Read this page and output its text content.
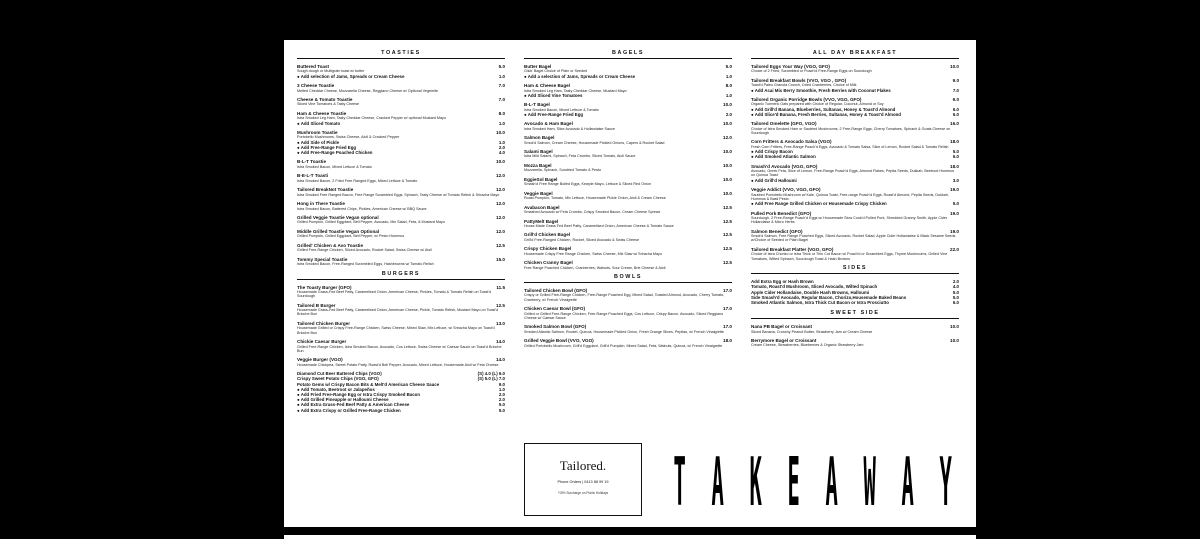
TOASTIES
Buttered Toast	5.0
Sough dough or Multigrain toast w/ butter
● Add selection of Jams, Spreads or Cream Cheese	1.0
3 Cheese Toastie	7.0
Melted Cheddar Cheese, Mozzarella Cheese, Reggiano Cheese w/ Optional Vegemite
Cheese & Tomato Toastie	7.0
Sliced Vine Tomatoes & Tasty Cheese
Ham & Cheese Toastie	8.0
Istra Smoked Leg Ham, Tasty Cheddar Cheese, Cracked Pepper w/ optional Mustard Mayo
● Add Sliced Tomato	1.0
Mushroom Toastie	10.0
Portobello Mushrooms, Swiss Cheese, Aioli & Cracked Pepper
● Add Side of Pickle	1.0
● Add Free-Range Fried Egg	2.0
● Add Free-Range Poached Chicken	4.0
B-L-T Toastie	10.0
Istra Smoked Bacon, Mixed Lettuce & Tomato
B-E-L-T Toasti	12.0
Istra Smoked Bacon, 2 Fried Free Ranged Eggs, Mixed Lettuce & Tomato
Tailored BreakNot Toastie	12.0
Istra Smoked Free Ranged Bacon, Free Range Scrambled Eggs, Spinach, Tasty Cheese w/ Tomato Relish & Sriracha Mayo
Hong in There Toastie	12.0
Istra Smoked Bacon, Battered Chips, Pickles, American Cheese w/ BBQ Sauce
Grilled Veggie Toastie Vegan optional	12.0
Grilled Pumpkin, Grilled Eggplant, Bell Pepper, Avocado, Mix Salad, Feta, & Mustard Mayo
Middle Grilled Toastie Vegan Optional	12.0
Grilled Pumpkin, Grilled Eggplant, Bell Pepper, w/ Pesto Hummus
Grilled' Chicken & Avo Toastie	12.5
Grilled Free-Range Chicken, Sliced Avocado, Rocket Salad, Swiss Cheese w/ Aioli
Tommy Special Toastie	15.0
Istra Smoked Bacon, Free-Ranged Scrambled Eggs, Hashbrowns w/ Tomato Relish
BURGERS
The Toasty Burger (GFO)	11.5
Housemade Grass-Fed Beef Patty, Caramelised Onion, American Cheese, Pickles, Tomato & Tomato Relish on Toast'd Sourdough
Tailored B Burger	12.5
Housemade Grass-Fed Beef Patty, Caramelised Onion, American Cheese, Pickle, Tomato Relish, Mustard Mayo on Toast'd Brioche Bun
Tailored Chicken Burger	13.0
Housemade Grilled or Crispy Free-Range Chicken, Swiss Cheese, Mixed Slaw, Mix Lettuce, w/ Sriracha Mayo on Toast'd Brioche Bun
Chickie Caesar Burger	14.0
Grilled Free-Range Chicken, Istra Smoked Bacon, Avocado, Cos Lettuce, Swiss Cheese w/ Caesar Sauce on Toast'd Brioche Bun
Veggie Burger (VGO)	14.0
Housemade Chickpea, Sweet Potato Patty, Roast'd Bell Pepper, Avocado, Mixed Lettuce, Housemade Aioli w/ Feta Cheese
Diamond Cut Beer Battered Chips (VGO)	(S) 4.0 (L) 6.0
Crispy Sweet Potato Chips (VGO, GFO)	(S) 5.0 (L) 7.0
Potato Gems w/ Crispy Bacon Bits & Melt'd American Cheese Sauce	9.0
● Add Tomato, Beetroot or Jalapeños	1.0
● Add Fried Free-Range Egg or Istra Crispy Smoked Bacon	2.0
● Add Grilled Pineapple or Halloumi Cheese	2.0
● Add Extra Grass-Fed Beef Patty & American Cheese	5.0
● Add Extra Crispy or Grilled Free-Range Chicken	5.0
BAGELS
Butter Bagel	5.0
Glick' Bagel Choice of Plain or Seeded
● Add a selection of Jams, Spreads or Cream Cheese	1.0
Ham & Cheese Bagel	8.0
Istra Smoked Leg Ham, Tasty Cheddar Cheese, Mustard Mayo
● Add Sliced Vine Tomatoes	1.0
B-L-T Bagel	10.0
Istra Smoked Bacon, Mixed Lettuce & Tomato
● Add Free-Range Fried Egg	2.0
Avocado & Ham Bagel	10.0
Istra Smoked Ham, Slice Avocado & Hollandaise Sauce
Salmon Bagel	12.0
Smok'd Salmon, Cream Cheese, Housemade Pickled Onions, Capers & Rocket Salad
Salami Bagel	10.0
Istra Mild Salami, Spinach, Feta Crumbs, Sliced Tomato, Aioli Sauce
Mozza Bagel	10.0
Mozzarella, Spinach, Sundried Tomato & Pesto
EggieSol Bagel	10.0
Smash'd Free Range Boiled Eggs, Kewpie Mayo, Lettuce & Sliced Red Onion
Veggie Bagel	10.0
Roast Pumpkin, Tomato, Mix Lettuce, Housemade Pickle Onion, Aioli & Cream Cheese
Avabacon Bagel	12.5
Smashed Avocado w/ Feta Crumbs, Crispy Smoked Bacon, Cream Cheese Spread
PattyMelt Bagel	12.5
House Made Grass Fed Beef Patty, Caramelised Onion, American Cheese & Tomato Sauce
Grill'd Chicken Bagel	12.5
Grill'd Free-Ranged Chicken, Rocket, Sliced Avocado & Swiss Cheese
Crispy Chicken Bagel	12.5
Housemade Crispy Free Range Chicken, Swiss Cheese, Mix Slaw w/ Sriracha Mayo
Chicken Cranny Bagel	12.5
Free Range Poached Chicken, Cranberries, Walnuts, Sour Cream, Brie Cheese & Aioli
BOWLS
Tailored Chicken Bowl (GFO)	17.0
Crispy or Grilled Free-Range Chicken, Free-Range Poached Egg, Mixed Salad, Toasted Almond, Avocado, Cherry Tomato, Cranberry, w/ French Vinaigrette
Chicken Caesar Bowl (GFO)	17.0
Grilled or Grilled Free-Range Chicken, Free-Range Poached Eggs, Cos Lettuce, Crispy Bacon, Avocado, Sliced Reggiano Cheese w/ Caesar Sauce
Smoked Salmon Bowl (GFO)	17.0
Smoked Atlantic Salmon, Rocket, Quinoa, Housemade Pickled Onion, Fresh Orange Slices, Pepitas, w/ French Vinaigrette
Grilled Veggie Bowl (VVO, VGO)	18.0
Grilled Portobello Mushroom, Grill'd Eggplant, Grill'd Pumpkin, Mixed Salad, Feta, Walnuts, Quinoa, w/ French Vinaigrette
ALL DAY BREAKFAST
Tailored Eggs Your Way (VGO, GFO)	10.0
Choice of 2 Fried, Scrambled or Poach'd Free-Range Eggs on Sourdough
Tailored Breakfast Bowls (VVO, VGO , GFO)	9.0
Toast'd Paleo Granola Crunch, Dried Cranberries, Choice of Milk
● Add Acai Mix Berry Smoothie, Fresh Berries with Coconut Flakes	7.0
Tailored Organic Porridge Bowls (VVO, VGO, GFO)	9.0
Organic Turmeric Oats prepared with Choice of Regular, Coconut, Almond or Soy
● Add Grill'd Banana, Blueberries, Sultanas, Honey & Toast'd Almond	6.0
● Add Slice'd Banana, Fresh Berries, Sultanas, Honey & Toast'd Almond	6.0
Tailored Omelette (GFO, VGO)	16.0
Choice of Istra Smoked Ham or Sautéed Mushrooms, 2 Free-Range Eggs, Cherry Tomatoes, Spinach & Goats Cheese on Sourdough
Corn Fritters & Avocado Salsa (VGO)	18.0
Fresh Corn Fritters, Free-Range Poach'd Eggs, Avocado & Tomato Salsa, Slice of Lemon, Rocket Salad & Tomato Relish
● Add Crispy Bacon	5.0
● Add Smoked Atlantic Salmon	6.0
Smash'd Avocado (VGO, GFO)	18.0
Avocado, Greek Feta, Slice of Lemon, Free-Range Poach'd Eggs, Almond Flakes, Pepita Seeds, Dukkah, Beetroot Hummus on Quinoa Toast
● Add Grill'd Halloumi	3.0
Veggie Addict (VVO, VGO, GFO)	19.0
Sautéed Portobello Mushroom w/ Kale, Quinoa Toast, Free-range Poach'd Eggs, Roast'd Almond, Pepita Seeds, Dukkah, Hummus & Basil Pesto
● Add Free Range Grilled Chicken or Housemade Crispy Chicken	5.0
Pulled Pork Benedict (GFO)	19.0
Sourdough, 2 Free-Range Poach'd Eggs w/ Housemade Slow Cook'd Pulled Pork, Shredded Granny Smith, Apple Cider Hollandaise & Micro Herbs
Salmon Benedict (GFO)	19.0
Smok'd Salmon, Free Range Poached Eggs, Sliced Avocado, Rocket Salad, Apple Cider Hollandaise & Black Sesame Seeds w/Choice of Seeded or Plain Bagel
Tailored Breakfast Platter (VGO, GFO)	22.0
Choice of Istra Chorizo or Istra Thick or Thin Cut Bacon w/ Poach'd or Scrambled Eggs, Thyme Mushrooms, Grilled Vine Tomatoes, Wilted Spinach, Sourdough Toast & Hash Browns
SIDES
Add Extra Egg or Hash Brown	2.0
Tomato, Roast'd Mushroom, Sliced Avocado, Wilted Spinach	4.0
Apple Cider Hollandaise, Double Hash Browns, Halloumi	5.0
Side Smash'd Avocado, Regular Bacon, Chorizo,Housemade Baked Beans	5.0
Smoked Atlantic Salmon, Istra Thick Cut Bacon or Istra Prosciutto	6.0
SWEET SIDE
Nana PB Bagel or Croissant	10.0
Sliced Banana, Crunchy Peanut Butter, Strawberry Jam w/ Cream Cheese
Berrymore Bagel or Croissant	10.0
Cream Cheese, Strawberries, Blueberries & Organic Strawberry Jam
Tailored.
Phone Orders | 0413 88 99 19
*15% Surcharge on Public Holidays	T A K E A W A Y
